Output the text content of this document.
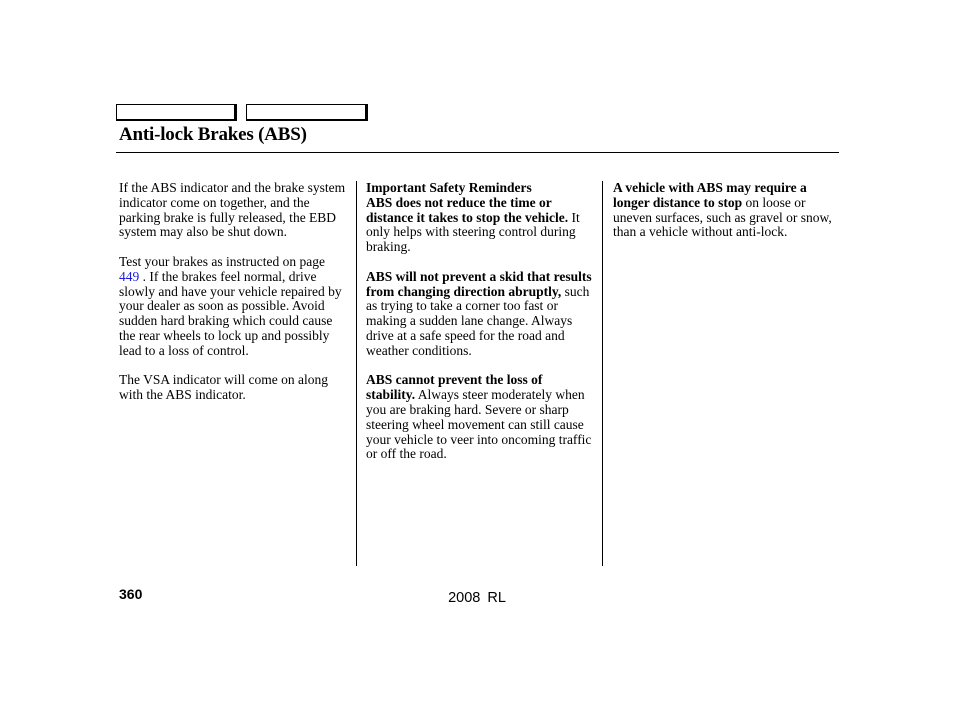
Anti-lock Brakes (ABS)

If the ABS indicator and the brake system indicator come on together, and the parking brake is fully released, the EBD system may also be shut down.

Test your brakes as instructed on page 449 . If the brakes feel normal, drive slowly and have your vehicle repaired by your dealer as soon as possible. Avoid sudden hard braking which could cause the rear wheels to lock up and possibly lead to a loss of control.

The VSA indicator will come on along with the ABS indicator.

Important Safety Reminders
ABS does not reduce the time or distance it takes to stop the vehicle. It only helps with steering control during braking.

ABS will not prevent a skid that results from changing direction abruptly, such as trying to take a corner too fast or making a sudden lane change. Always drive at a safe speed for the road and weather conditions.

ABS cannot prevent the loss of stability. Always steer moderately when you are braking hard. Severe or sharp steering wheel movement can still cause your vehicle to veer into oncoming traffic or off the road.

A vehicle with ABS may require a longer distance to stop on loose or uneven surfaces, such as gravel or snow, than a vehicle without anti-lock.

360	2008 RL
